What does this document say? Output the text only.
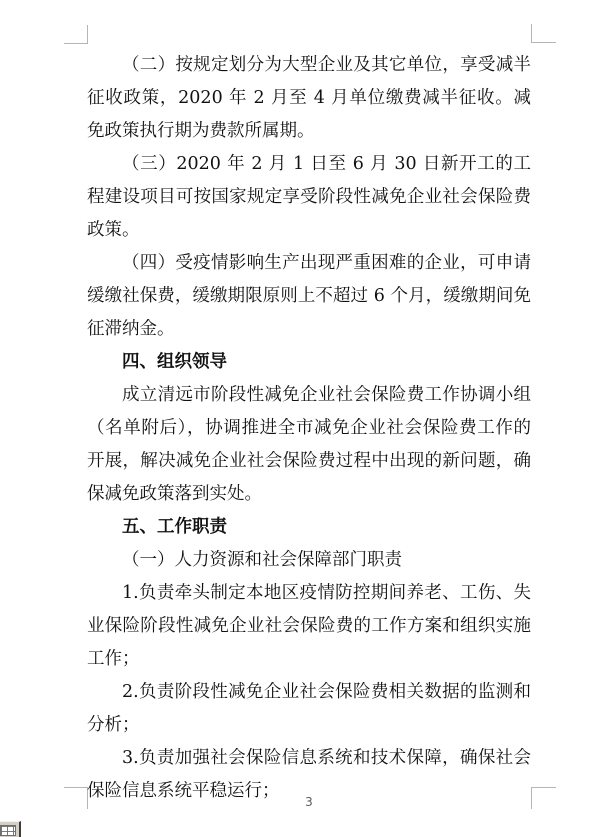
（二）按规定划分为大型企业及其它单位，享受减半征收政策，2020 年 2 月至 4 月单位缴费减半征收。减免政策执行期为费款所属期。

（三）2020 年 2 月 1 日至 6 月 30 日新开工的工程建设项目可按国家规定享受阶段性减免企业社会保险费政策。

（四）受疫情影响生产出现严重困难的企业，可申请缓缴社保费，缓缴期限原则上不超过 6 个月，缓缴期间免征滞纳金。

四、组织领导

成立清远市阶段性减免企业社会保险费工作协调小组（名单附后），协调推进全市减免企业社会保险费工作的开展，解决减免企业社会保险费过程中出现的新问题，确保减免政策落到实处。

五、工作职责

（一）人力资源和社会保障部门职责

1.负责牵头制定本地区疫情防控期间养老、工伤、失业保险阶段性减免企业社会保险费的工作方案和组织实施工作；

2.负责阶段性减免企业社会保险费相关数据的监测和分析；

3.负责加强社会保险信息系统和技术保障，确保社会保险信息系统平稳运行；

3
